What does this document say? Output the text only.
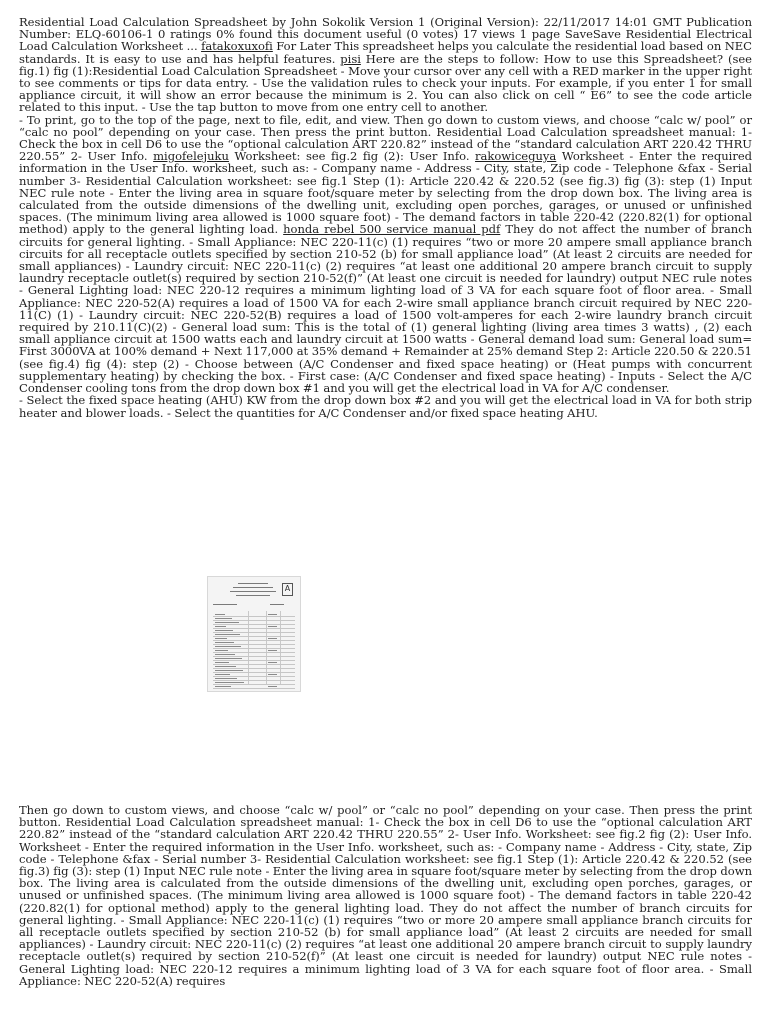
Residential Load Calculation Spreadsheet by John Sokolik Version 1 (Original Version): 22/11/2017 14:01 GMT Publication Number: ELQ-60106-1 0 ratings 0% found this document useful (0 votes) 17 views 1 page SaveSave Residential Electrical Load Calculation Worksheet ... fatakoxuxofi For Later This spreadsheet helps you calculate the residential load based on NEC standards. It is easy to use and has helpful features. pisi Here are the steps to follow: How to use this Spreadsheet? (see fig.1) fig (1):Residential Load Calculation Spreadsheet - Move your cursor over any cell with a RED marker in the upper right to see comments or tips for data entry. - Use the validation rules to check your inputs. For example, if you enter 1 for small appliance circuit, it will show an error because the minimum is 2. You can also click on cell “ E6” to see the code article related to this input. - Use the tap button to move from one entry cell to another.
- To print, go to the top of the page, next to file, edit, and view. Then go down to custom views, and choose “calc w/ pool” or “calc no pool” depending on your case. Then press the print button. Residential Load Calculation spreadsheet manual: 1- Check the box in cell D6 to use the “optional calculation ART 220.82” instead of the “standard calculation ART 220.42 THRU 220.55” 2- User Info. migofelejuku Worksheet: see fig.2 fig (2): User Info. rakowiceguya Worksheet - Enter the required information in the User Info. worksheet, such as: - Company name - Address - City, state, Zip code - Telephone &fax - Serial number 3- Residential Calculation worksheet: see fig.1 Step (1): Article 220.42 & 220.52 (see fig.3) fig (3): step (1) Input NEC rule note - Enter the living area in square foot/square meter by selecting from the drop down box. The living area is calculated from the outside dimensions of the dwelling unit, excluding open porches, garages, or unused or unfinished spaces. (The minimum living area allowed is 1000 square foot) - The demand factors in table 220-42 (220.82(1) for optional method) apply to the general lighting load. honda rebel 500 service manual pdf They do not affect the number of branch circuits for general lighting. - Small Appliance: NEC 220-11(c) (1) requires “two or more 20 ampere small appliance branch circuits for all receptacle outlets specified by section 210-52 (b) for small appliance load” (At least 2 circuits are needed for small appliances) - Laundry circuit: NEC 220-11(c) (2) requires “at least one additional 20 ampere branch circuit to supply laundry receptacle outlet(s) required by section 210-52(f)” (At least one circuit is needed for laundry) output NEC rule notes - General Lighting load: NEC 220-12 requires a minimum lighting load of 3 VA for each square foot of floor area. - Small Appliance: NEC 220-52(A) requires a load of 1500 VA for each 2-wire small appliance branch circuit required by NEC 220-11(C) (1) - Laundry circuit: NEC 220-52(B) requires a load of 1500 volt-amperes for each 2-wire laundry branch circuit required by 210.11(C)(2) - General load sum: This is the total of (1) general lighting (living area times 3 watts) , (2) each small appliance circuit at 1500 watts each and laundry circuit at 1500 watts - General demand load sum: General load sum= First 3000VA at 100% demand + Next 117,000 at 35% demand + Remainder at 25% demand Step 2: Article 220.50 & 220.51 (see fig.4) fig (4): step (2) - Choose between (A/C Condenser and fixed space heating) or (Heat pumps with concurrent supplementary heating) by checking the box. - First case: (A/C Condenser and fixed space heating) - Inputs - Select the A/C Condenser cooling tons from the drop down box #1 and you will get the electrical load in VA for A/C condenser.
- Select the fixed space heating (AHU) KW from the drop down box #2 and you will get the electrical load in VA for both strip heater and blower loads. - Select the quantities for A/C Condenser and/or fixed space heating AHU.

A

Then go down to custom views, and choose “calc w/ pool” or “calc no pool” depending on your case. Then press the print button. Residential Load Calculation spreadsheet manual: 1- Check the box in cell D6 to use the “optional calculation ART 220.82” instead of the “standard calculation ART 220.42 THRU 220.55” 2- User Info. Worksheet: see fig.2 fig (2): User Info. Worksheet - Enter the required information in the User Info. worksheet, such as: - Company name - Address - City, state, Zip code - Telephone &fax - Serial number 3- Residential Calculation worksheet: see fig.1 Step (1): Article 220.42 & 220.52 (see fig.3) fig (3): step (1) Input NEC rule note - Enter the living area in square foot/square meter by selecting from the drop down box. The living area is calculated from the outside dimensions of the dwelling unit, excluding open porches, garages, or unused or unfinished spaces. (The minimum living area allowed is 1000 square foot) - The demand factors in table 220-42 (220.82(1) for optional method) apply to the general lighting load. They do not affect the number of branch circuits for general lighting. - Small Appliance: NEC 220-11(c) (1) requires “two or more 20 ampere small appliance branch circuits for all receptacle outlets specified by section 210-52 (b) for small appliance load” (At least 2 circuits are needed for small appliances) - Laundry circuit: NEC 220-11(c) (2) requires “at least one additional 20 ampere branch circuit to supply laundry receptacle outlet(s) required by section 210-52(f)” (At least one circuit is needed for laundry) output NEC rule notes - General Lighting load: NEC 220-12 requires a minimum lighting load of 3 VA for each square foot of floor area. - Small Appliance: NEC 220-52(A) requires
